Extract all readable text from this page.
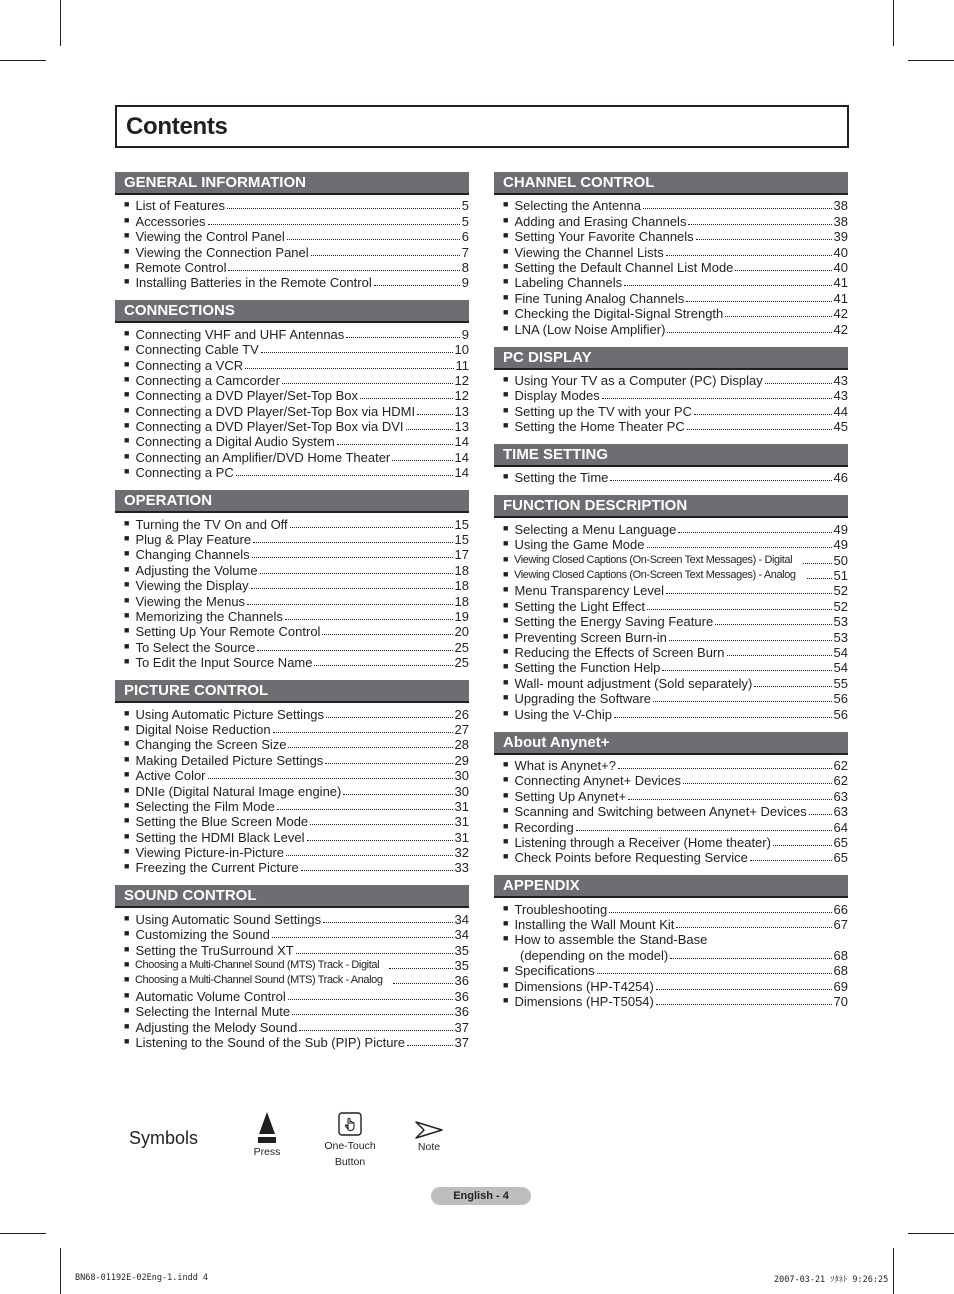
Contents
GENERAL INFORMATION
■ List of Features	5
■ Accessories	5
■ Viewing the Control Panel	6
■ Viewing the Connection Panel	7
■ Remote Control	8
■ Installing Batteries in the Remote Control	9
CONNECTIONS
■ Connecting VHF and UHF Antennas	9
■ Connecting Cable TV	10
■ Connecting a VCR	11
■ Connecting a Camcorder	12
■ Connecting a DVD Player/Set-Top Box	12
■ Connecting a DVD Player/Set-Top Box via HDMI	13
■ Connecting a DVD Player/Set-Top Box via DVI	13
■ Connecting a Digital Audio System	14
■ Connecting an Amplifier/DVD Home Theater	14
■ Connecting a PC	14
OPERATION
■ Turning the TV On and Off	15
■ Plug & Play Feature	15
■ Changing Channels	17
■ Adjusting the Volume	18
■ Viewing the Display	18
■ Viewing the Menus	18
■ Memorizing the Channels	19
■ Setting Up Your Remote Control	20
■ To Select the Source	25
■ To Edit the Input Source Name	25
PICTURE CONTROL
■ Using Automatic Picture Settings	26
■ Digital Noise Reduction	27
■ Changing the Screen Size	28
■ Making Detailed Picture Settings	29
■ Active Color	30
■ DNIe (Digital Natural Image engine)	30
■ Selecting the Film Mode	31
■ Setting the Blue Screen Mode	31
■ Setting the HDMI Black Level	31
■ Viewing Picture-in-Picture	32
■ Freezing the Current Picture	33
SOUND CONTROL
■ Using Automatic Sound Settings	34
■ Customizing the Sound	34
■ Setting the TruSurround XT	35
■ Choosing a Multi-Channel Sound (MTS) Track - Digital	35
■ Choosing a Multi-Channel Sound (MTS) Track - Analog	36
■ Automatic Volume Control	36
■ Selecting the Internal Mute	36
■ Adjusting the Melody Sound	37
■ Listening to the Sound of the Sub (PIP) Picture	37
CHANNEL CONTROL
■ Selecting the Antenna	38
■ Adding and Erasing Channels	38
■ Setting Your Favorite Channels	39
■ Viewing the Channel Lists	40
■ Setting the Default Channel List Mode	40
■ Labeling Channels	41
■ Fine Tuning Analog Channels	41
■ Checking the Digital-Signal Strength	42
■ LNA (Low Noise Amplifier)	42
PC DISPLAY
■ Using Your TV as a Computer (PC) Display	43
■ Display Modes	43
■ Setting up the TV with your PC	44
■ Setting the Home Theater PC	45
TIME SETTING
■ Setting the Time	46
FUNCTION DESCRIPTION
■ Selecting a Menu Language	49
■ Using the Game Mode	49
■ Viewing Closed Captions (On-Screen Text Messages) - Digital	50
■ Viewing Closed Captions (On-Screen Text Messages) - Analog	51
■ Menu Transparency Level	52
■ Setting the Light Effect	52
■ Setting the Energy Saving Feature	53
■ Preventing Screen Burn-in	53
■ Reducing the Effects of Screen Burn	54
■ Setting the Function Help	54
■ Wall- mount adjustment (Sold separately)	55
■ Upgrading the Software	56
■ Using the V-Chip	56
About Anynet+
■ What is Anynet+?	62
■ Connecting Anynet+ Devices	62
■ Setting Up Anynet+	63
■ Scanning and Switching between Anynet+ Devices 63
■ Recording	64
■ Listening through a Receiver (Home theater)	65
■ Check Points before Requesting Service	65
APPENDIX
■ Troubleshooting	66
■ Installing the Wall Mount Kit	67
■ How to assemble the Stand-Base
(depending on the model)	68
■ Specifications	68
■ Dimensions (HP-T4254)	69
■ Dimensions (HP-T5054)	70
Symbols
Press	One-Touch
Button
Note
English - 4
BN68-01192E-02Eng-1.indd 4	2007-03-21 ｿﾀﾈﾄ 9:26:25
